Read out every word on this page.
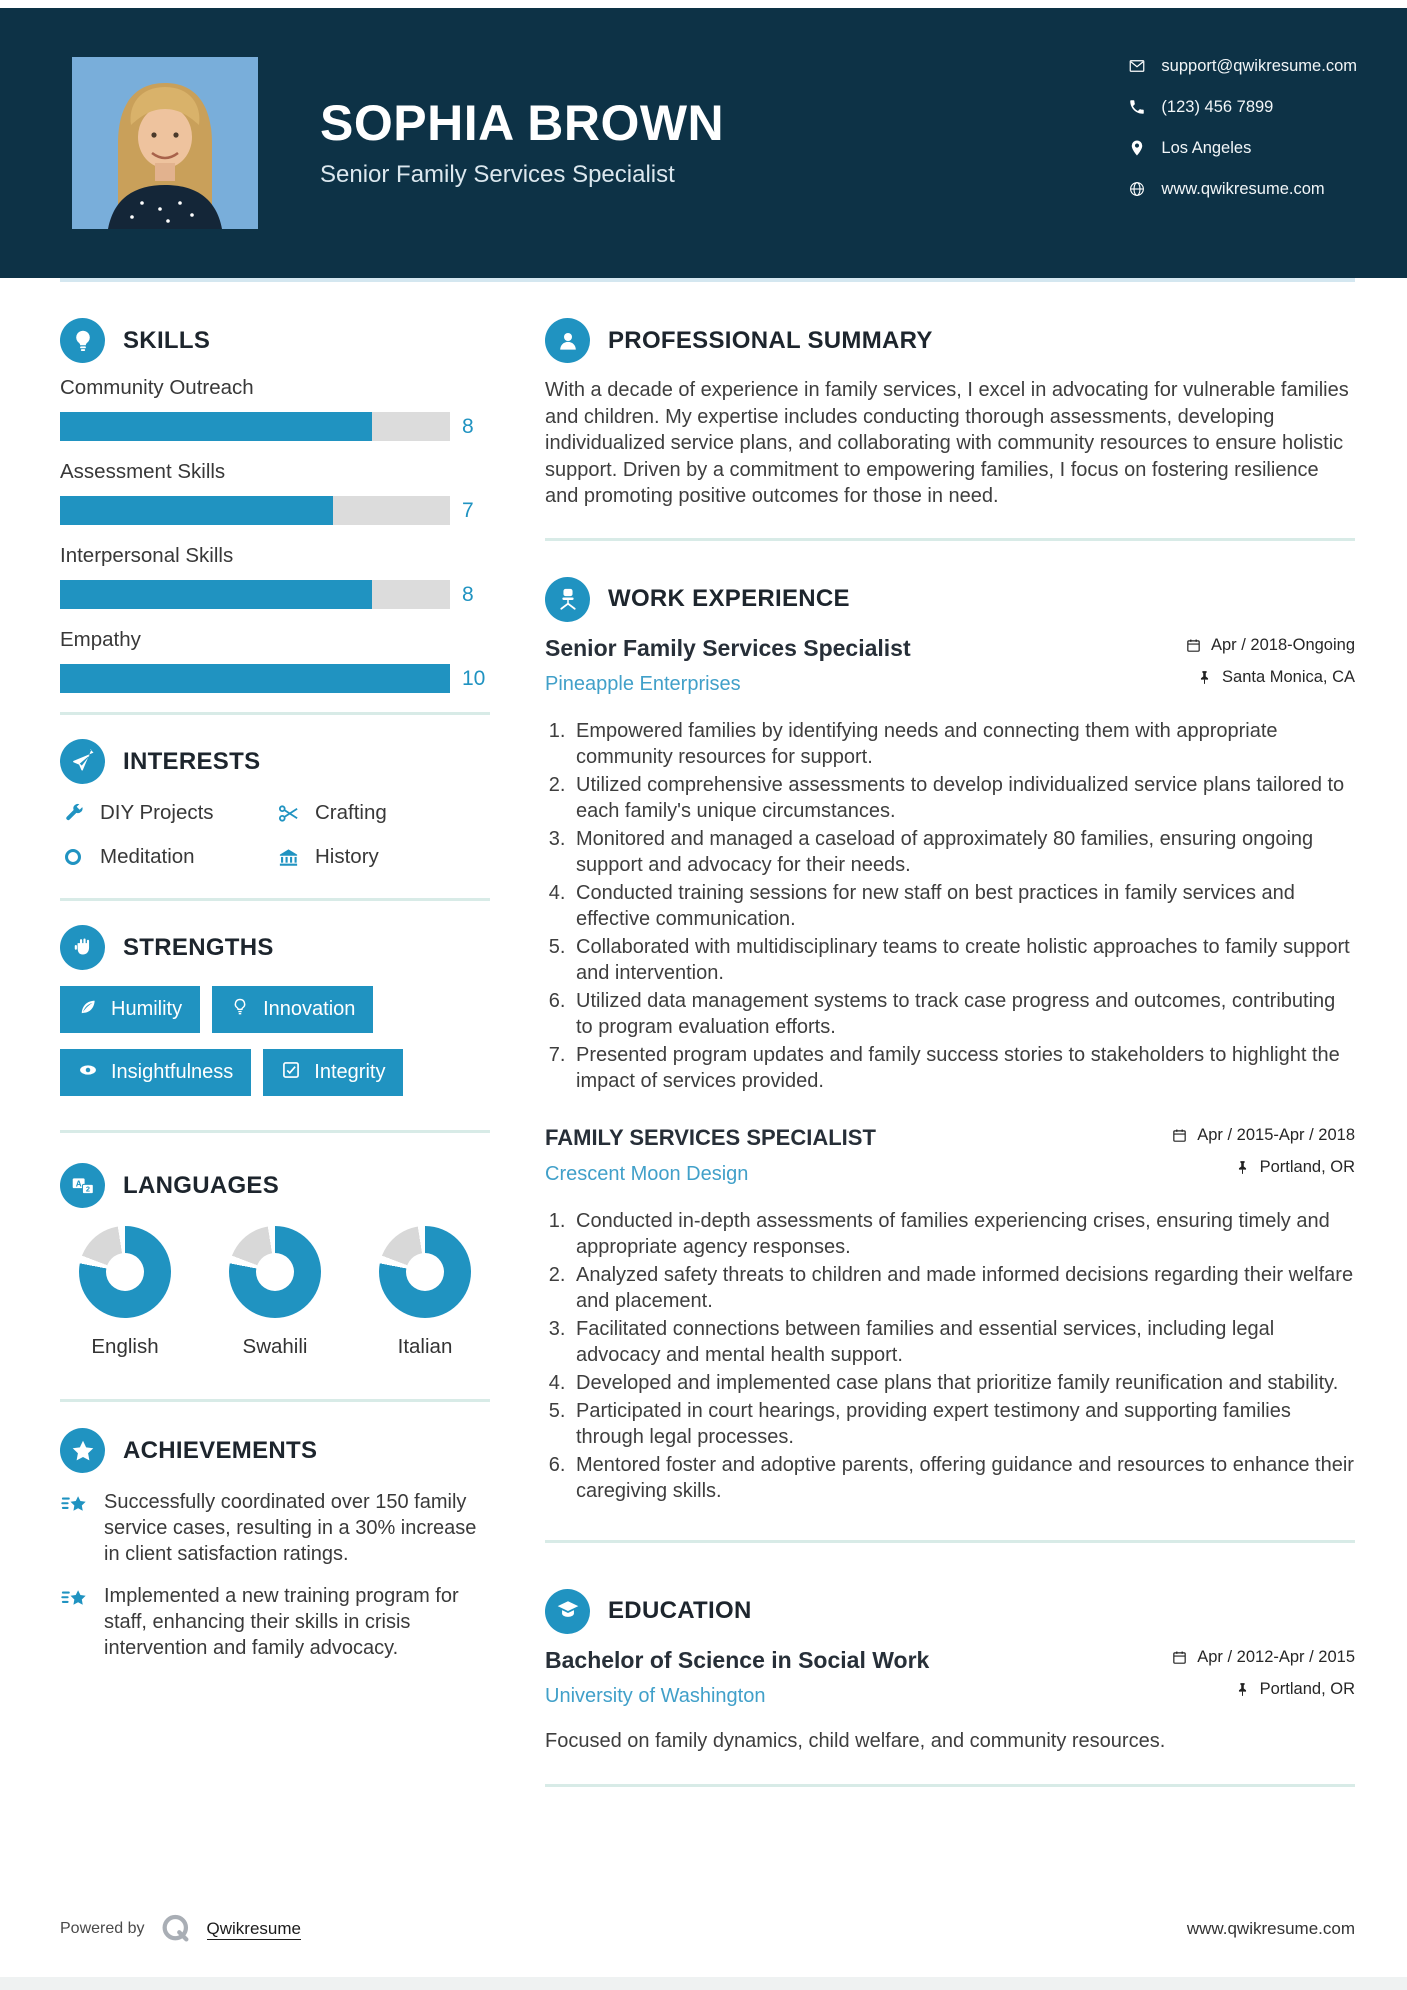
SOPHIA BROWN
Senior Family Services Specialist
support@qwikresume.com
(123) 456 7899
Los Angeles
www.qwikresume.com
SKILLS
Community Outreach
8
Assessment Skills
7
Interpersonal Skills
8
Empathy
10
INTERESTS
DIY Projects	Crafting
Meditation	History
STRENGTHS
Humility	Innovation

Insightfulness	Integrity
A
2 LANGUAGES
English	Swahili	Italian
ACHIEVEMENTS

Successfully coordinated over 150 family service cases, resulting in a 30% increase in client satisfaction ratings.

Implemented a new training program for staff, enhancing their skills in crisis intervention and family advocacy.

PROFESSIONAL SUMMARY

With a decade of experience in family services, I excel in advocating for vulnerable families and children. My expertise includes conducting thorough assessments, developing individualized service plans, and collaborating with community resources to ensure holistic support. Driven by a commitment to empowering families, I focus on fostering resilience and promoting positive outcomes for those in need.

WORK EXPERIENCE
Senior Family Services Specialist
Pineapple Enterprises
Apr / 2018-Ongoing
Santa Monica, CA
1. Empowered families by identifying needs and connecting them with appropriate community resources for support.
2. Utilized comprehensive assessments to develop individualized service plans tailored to each family's unique circumstances.
3. Monitored and managed a caseload of approximately 80 families, ensuring ongoing support and advocacy for their needs.
4. Conducted training sessions for new staff on best practices in family services and effective communication.
5. Collaborated with multidisciplinary teams to create holistic approaches to family support and intervention.
6. Utilized data management systems to track case progress and outcomes, contributing to program evaluation efforts.
7. Presented program updates and family success stories to stakeholders to highlight the impact of services provided.
FAMILY SERVICES SPECIALIST
Crescent Moon Design
Apr / 2015-Apr / 2018
Portland, OR
1. Conducted in-depth assessments of families experiencing crises, ensuring timely and appropriate agency responses.
2. Analyzed safety threats to children and made informed decisions regarding their welfare and placement.
3. Facilitated connections between families and essential services, including legal advocacy and mental health support.
4. Developed and implemented case plans that prioritize family reunification and stability.
5. Participated in court hearings, providing expert testimony and supporting families through legal processes.
6. Mentored foster and adoptive parents, offering guidance and resources to enhance their caregiving skills.
EDUCATION
Bachelor of Science in Social Work
University of Washington
Apr / 2012-Apr / 2015
Portland, OR

Focused on family dynamics, child welfare, and community resources.

Powered by	Qwikresume	www.qwikresume.com
